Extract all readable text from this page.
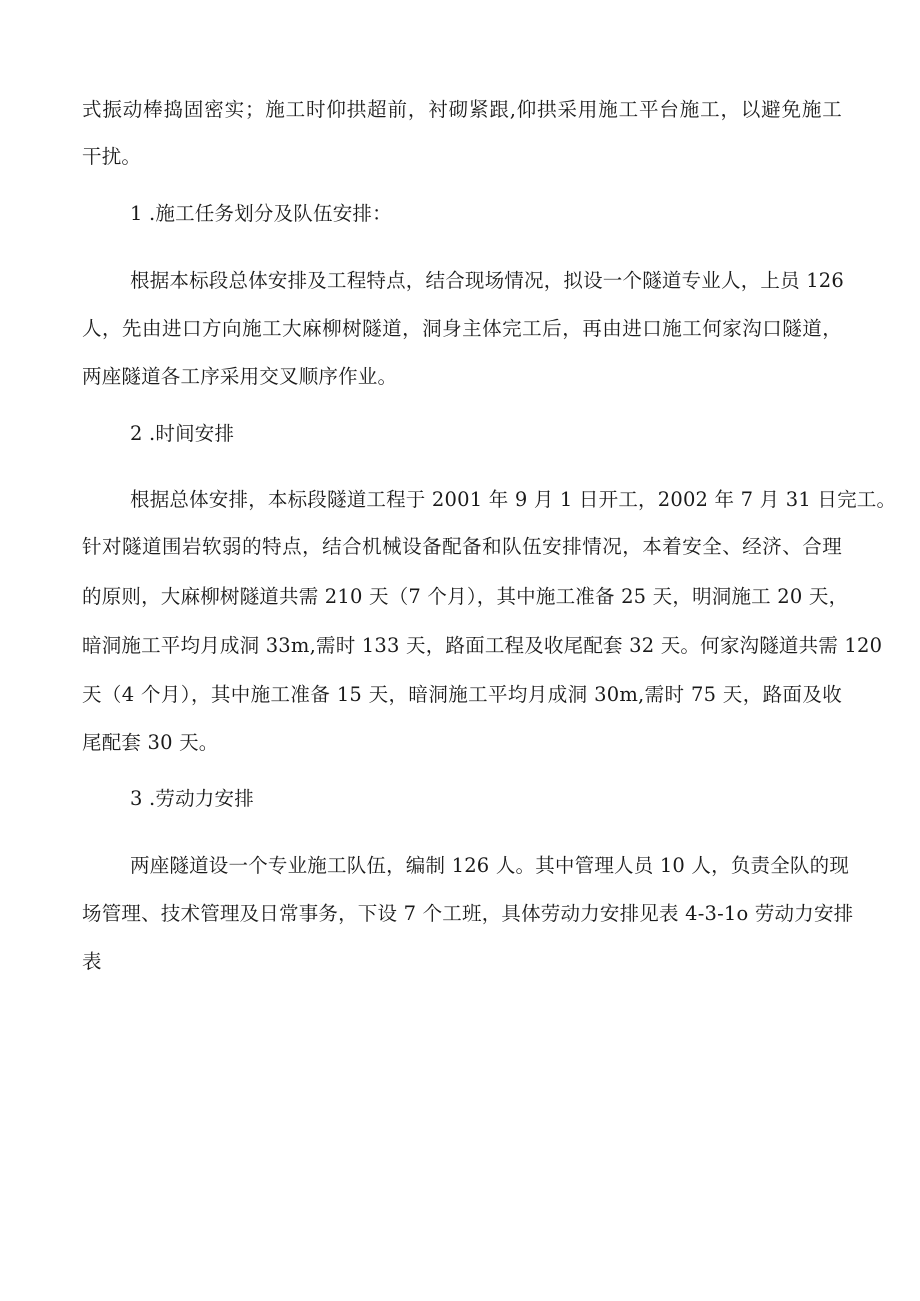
式振动棒捣固密实；施工时仰拱超前，衬砌紧跟,仰拱采用施工平台施工，以避免施工
干扰。
1 .施工任务划分及队伍安排：
根据本标段总体安排及工程特点，结合现场情况，拟设一个隧道专业人，上员 126
人，先由进口方向施工大麻柳树隧道，洞身主体完工后，再由进口施工何家沟口隧道，
两座隧道各工序采用交叉顺序作业。
2 .时间安排
根据总体安排，本标段隧道工程于 2001 年 9 月 1 日开工，2002 年 7 月 31 日完工。
针对隧道围岩软弱的特点，结合机械设备配备和队伍安排情况，本着安全、经济、合理
的原则，大麻柳树隧道共需 210 天（7 个月），其中施工准备 25 天，明洞施工 20 天，
暗洞施工平均月成洞 33m,需时 133 天，路面工程及收尾配套 32 天。何家沟隧道共需 120
天（4 个月），其中施工准备 15 天，暗洞施工平均月成洞 30m,需时 75 天，路面及收
尾配套 30 天。
3 .劳动力安排
两座隧道设一个专业施工队伍，编制 126 人。其中管理人员 10 人，负责全队的现
场管理、技术管理及日常事务，下设 7 个工班，具体劳动力安排见表 4-3-1o 劳动力安排
表
